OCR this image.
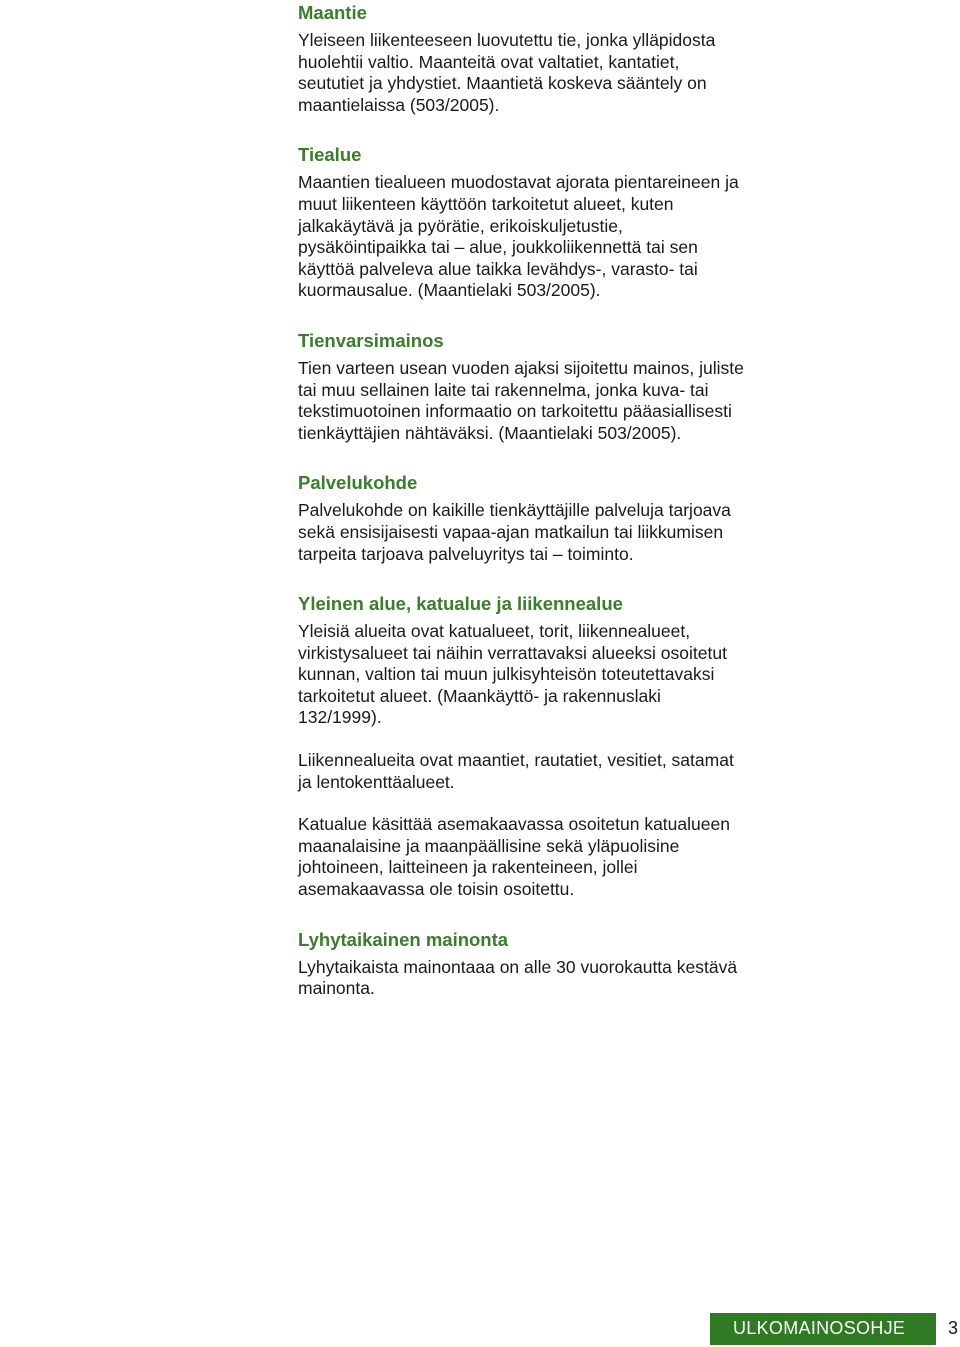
Maantie

Yleiseen liikenteeseen luovutettu tie, jonka ylläpidosta huolehtii valtio. Maanteitä ovat valtatiet, kantatiet, seututiet ja yhdystiet. Maantietä koskeva sääntely on maantielaissa (503/2005).

Tiealue

Maantien tiealueen muodostavat ajorata pientareineen ja muut liikenteen käyttöön tarkoitetut alueet, kuten jalkakäytävä ja pyörätie, erikoiskuljetustie, pysäköintipaikka tai – alue, joukkoliikennettä tai sen käyttöä palveleva alue taikka levähdys-, varasto- tai kuormausalue. (Maantielaki 503/2005).

Tienvarsimainos

Tien varteen usean vuoden ajaksi sijoitettu mainos, juliste tai muu sellainen laite tai rakennelma, jonka kuva- tai tekstimuotoinen informaatio on tarkoitettu pääasiallisesti tienkäyttäjien nähtäväksi. (Maantielaki 503/2005).

Palvelukohde

Palvelukohde on kaikille tienkäyttäjille palveluja tarjoava sekä ensisijaisesti vapaa-ajan matkailun tai liikkumisen tarpeita tarjoava palveluyritys tai – toiminto.

Yleinen alue, katualue ja liikennealue

Yleisiä alueita ovat katualueet, torit, liikennealueet, virkistysalueet tai näihin verrattavaksi alueeksi osoitetut kunnan, valtion tai muun julkisyhteisön toteutettavaksi tarkoitetut alueet. (Maankäyttö- ja rakennuslaki 132/1999).

Liikennealueita ovat maantiet, rautatiet, vesitiet, satamat ja lentokenttäalueet.

Katualue käsittää asemakaavassa osoitetun katualueen maanalaisine ja maanpäällisine sekä yläpuolisine johtoineen, laitteineen ja rakenteineen, jollei asemakaavassa ole toisin osoitettu.

Lyhytaikainen mainonta

Lyhytaikaista mainontaaa on alle 30 vuorokautta kestävä mainonta.

ULKOMAINOSOHJE 3
